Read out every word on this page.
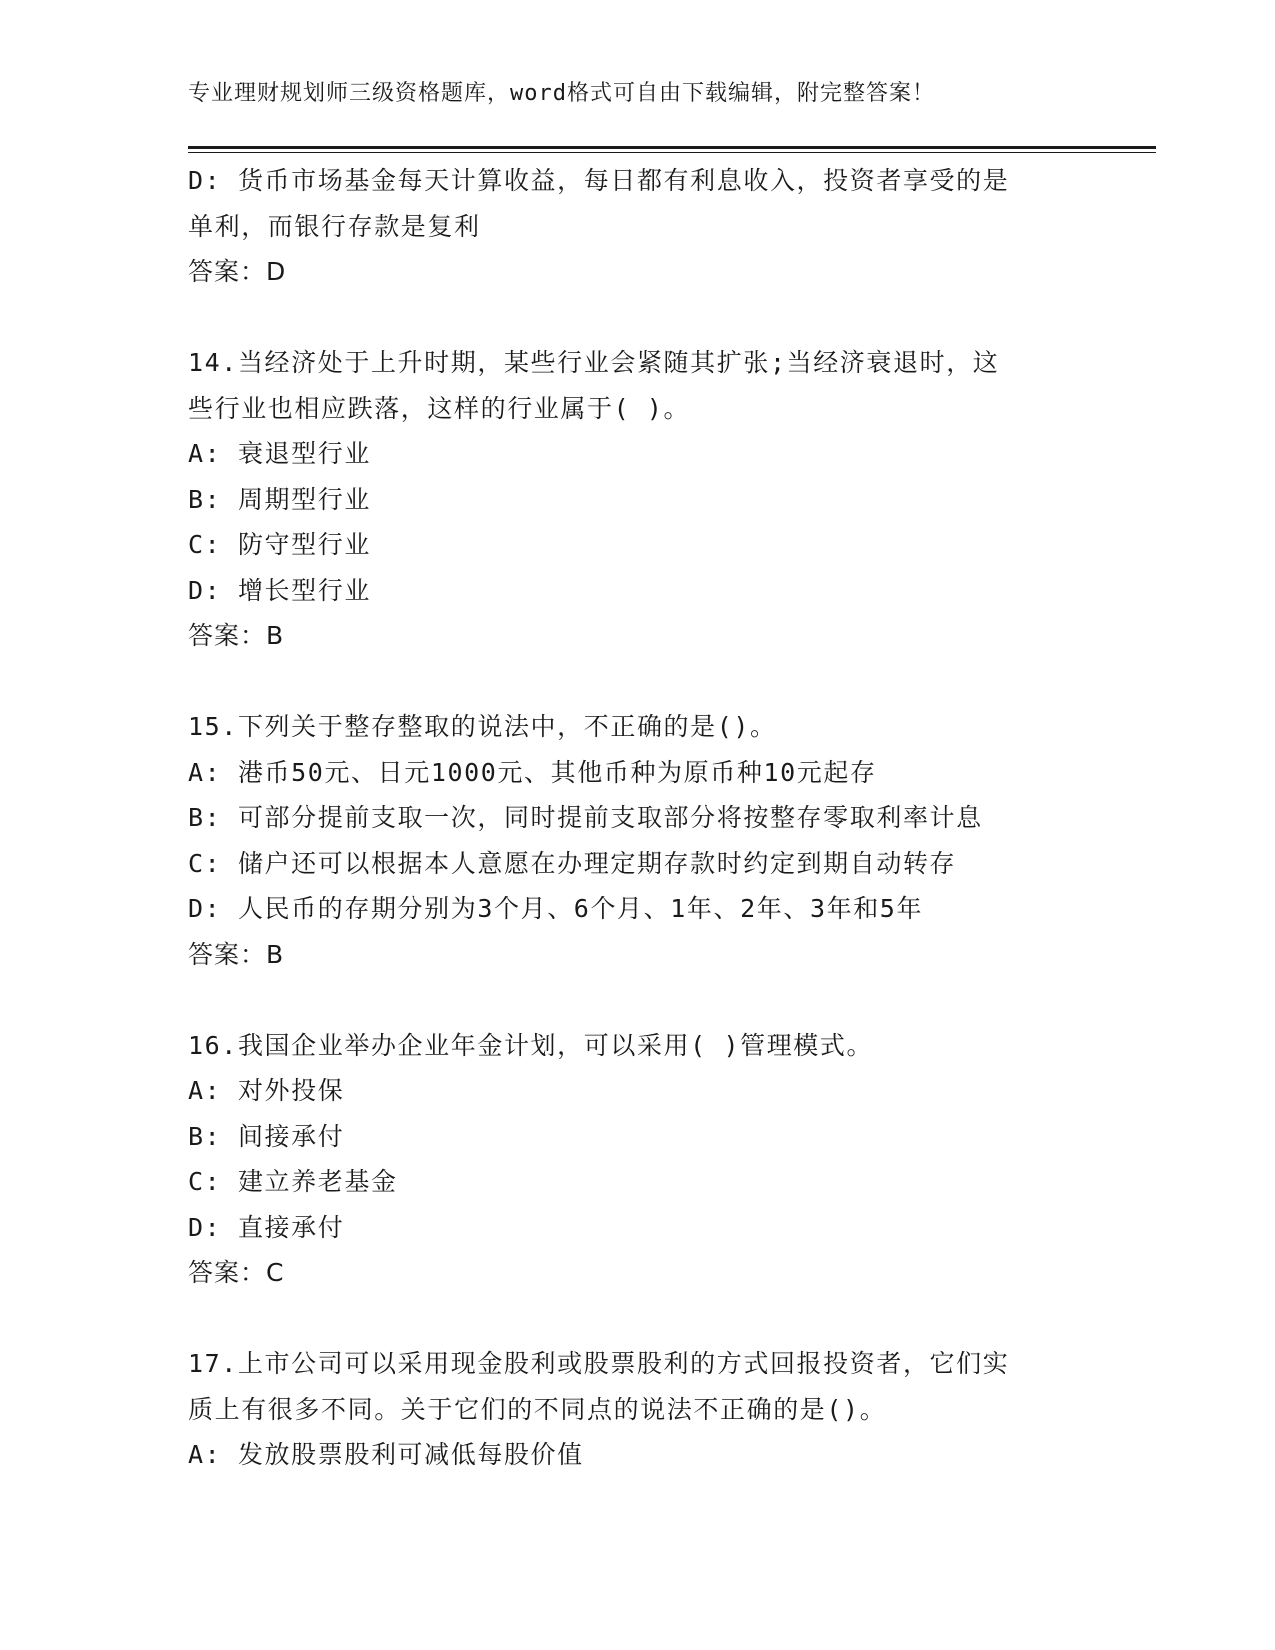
专业理财规划师三级资格题库，word格式可自由下载编辑，附完整答案！
D: 货币市场基金每天计算收益，每日都有利息收入，投资者享受的是
单利，而银行存款是复利
答案：D
14.当经济处于上升时期，某些行业会紧随其扩张;当经济衰退时，这
些行业也相应跌落，这样的行业属于( )。
A: 衰退型行业
B: 周期型行业
C: 防守型行业
D: 增长型行业
答案：B
15.下列关于整存整取的说法中，不正确的是()。
A: 港币50元、日元1000元、其他币种为原币种10元起存
B: 可部分提前支取一次，同时提前支取部分将按整存零取利率计息
C: 储户还可以根据本人意愿在办理定期存款时约定到期自动转存
D: 人民币的存期分别为3个月、6个月、1年、2年、3年和5年
答案：B
16.我国企业举办企业年金计划，可以采用( )管理模式。
A: 对外投保
B: 间接承付
C: 建立养老基金
D: 直接承付
答案：C
17.上市公司可以采用现金股利或股票股利的方式回报投资者，它们实
质上有很多不同。关于它们的不同点的说法不正确的是()。
A: 发放股票股利可减低每股价值
